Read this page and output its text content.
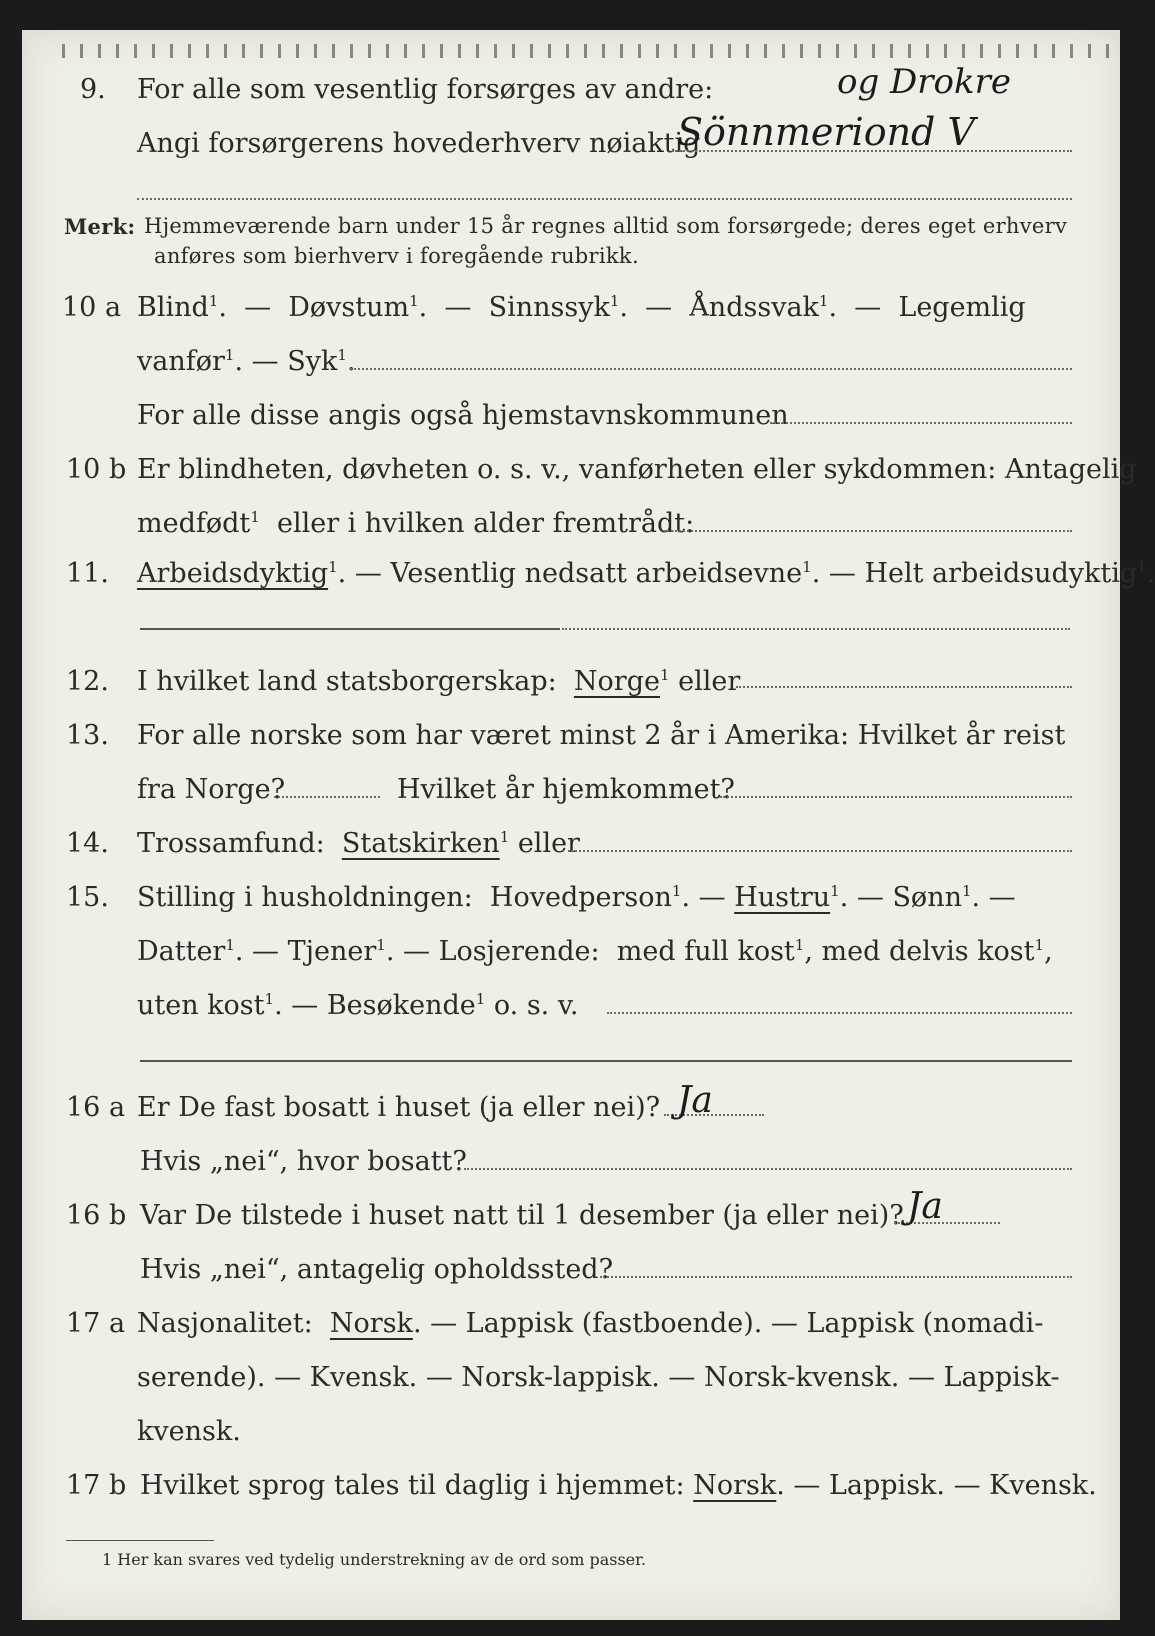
9.	For alle som vesentlig forsørges av andre:	og Drokre
Angi forsørgerens hovederhverv nøiaktig
Sönnmeriond V
Merk: Hjemmeværende barn under 15 år regnes alltid som forsørgede; deres eget erhverv
anføres som bierhverv i foregående rubrikk.
10 a Blind$^1$.  —  Døvstum$^1$.  —  Sinnssyk$^1$.  —  Åndssvak$^1$.  —  Legemlig
vanfør$^1$. — Syk$^1$.
For alle disse angis også hjemstavnskommunen
10 b Er blindheten, døvheten o. s. v., vanførheten eller sykdommen: Antagelig
medfødt$^1$ eller i hvilken alder fremtrådt:
11.	Arbeidsdyktig$^1$. — Vesentlig nedsatt arbeidsevne$^1$. — Helt arbeidsudyktig$^1$.
12.	I hvilket land statsborgerskap: Norge$^1$ eller
13.	For alle norske som har været minst 2 år i Amerika: Hvilket år reist
fra Norge?	Hvilket år hjemkommet?
14.	Trossamfund: Statskirken$^1$ eller
15.	Stilling i husholdningen: Hovedperson$^1$. — Hustru$^1$. — Sønn$^1$. —
Datter$^1$. — Tjener$^1$. — Losjerende: med full kost$^1$, med delvis kost$^1$,
uten kost$^1$. — Besøkende$^1$ o. s. v.
16 a Er De fast bosatt i huset (ja eller nei)? Ja
Hvis „nei“, hvor bosatt?
16 b Var De tilstede i huset natt til 1 desember (ja eller nei)? Ja
Hvis „nei“, antagelig opholdssted?
17 a Nasjonalitet: Norsk. — Lappisk (fastboende). — Lappisk (nomadi-
serende). — Kvensk. — Norsk-lappisk. — Norsk-kvensk. — Lappisk-
kvensk.
17 b Hvilket sprog tales til daglig i hjemmet: Norsk. — Lappisk. — Kvensk.
1 Her kan svares ved tydelig understrekning av de ord som passer.
